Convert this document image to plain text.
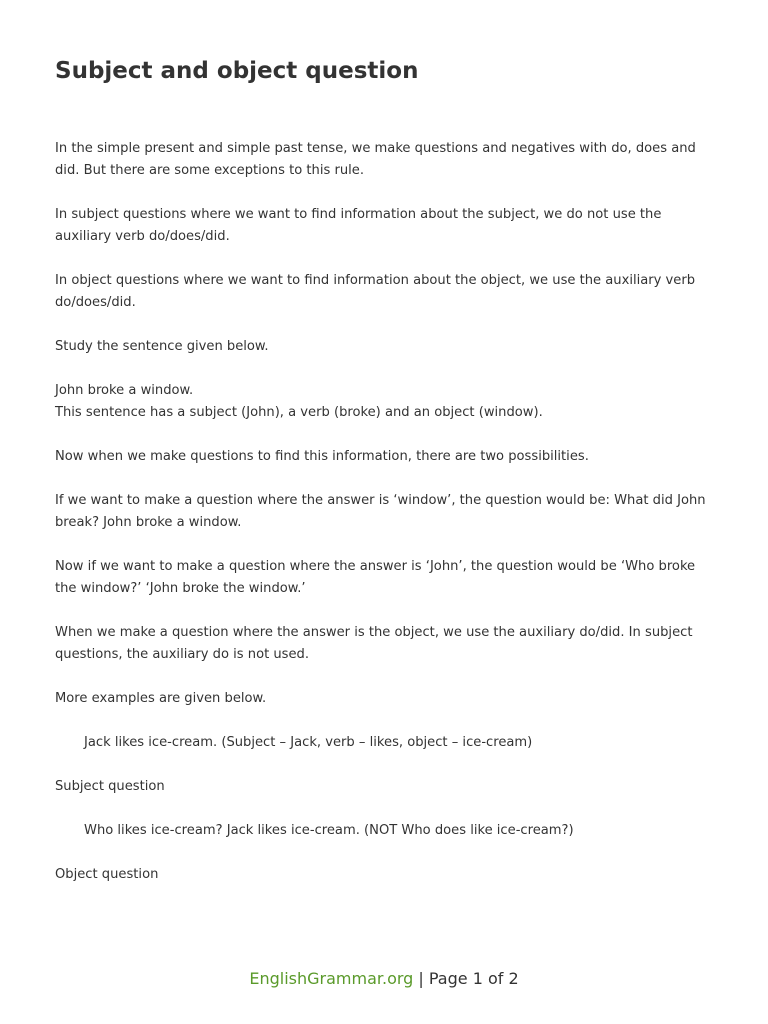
Subject and object question

In the simple present and simple past tense, we make questions and negatives with do, does and did. But there are some exceptions to this rule.

In subject questions where we want to find information about the subject, we do not use the auxiliary verb do/does/did.

In object questions where we want to find information about the object, we use the auxiliary verb do/does/did.

Study the sentence given below.

John broke a window.

This sentence has a subject (John), a verb (broke) and an object (window).

Now when we make questions to find this information, there are two possibilities.

If we want to make a question where the answer is ‘window’, the question would be: What did John break? John broke a window.

Now if we want to make a question where the answer is ‘John’, the question would be ‘Who broke the window?’ ‘John broke the window.’

When we make a question where the answer is the object, we use the auxiliary do/did. In subject questions, the auxiliary do is not used.

More examples are given below.

Jack likes ice-cream. (Subject – Jack, verb – likes, object – ice-cream)

Subject question

Who likes ice-cream? Jack likes ice-cream. (NOT Who does like ice-cream?)

Object question

EnglishGrammar.org | Page 1 of 2
